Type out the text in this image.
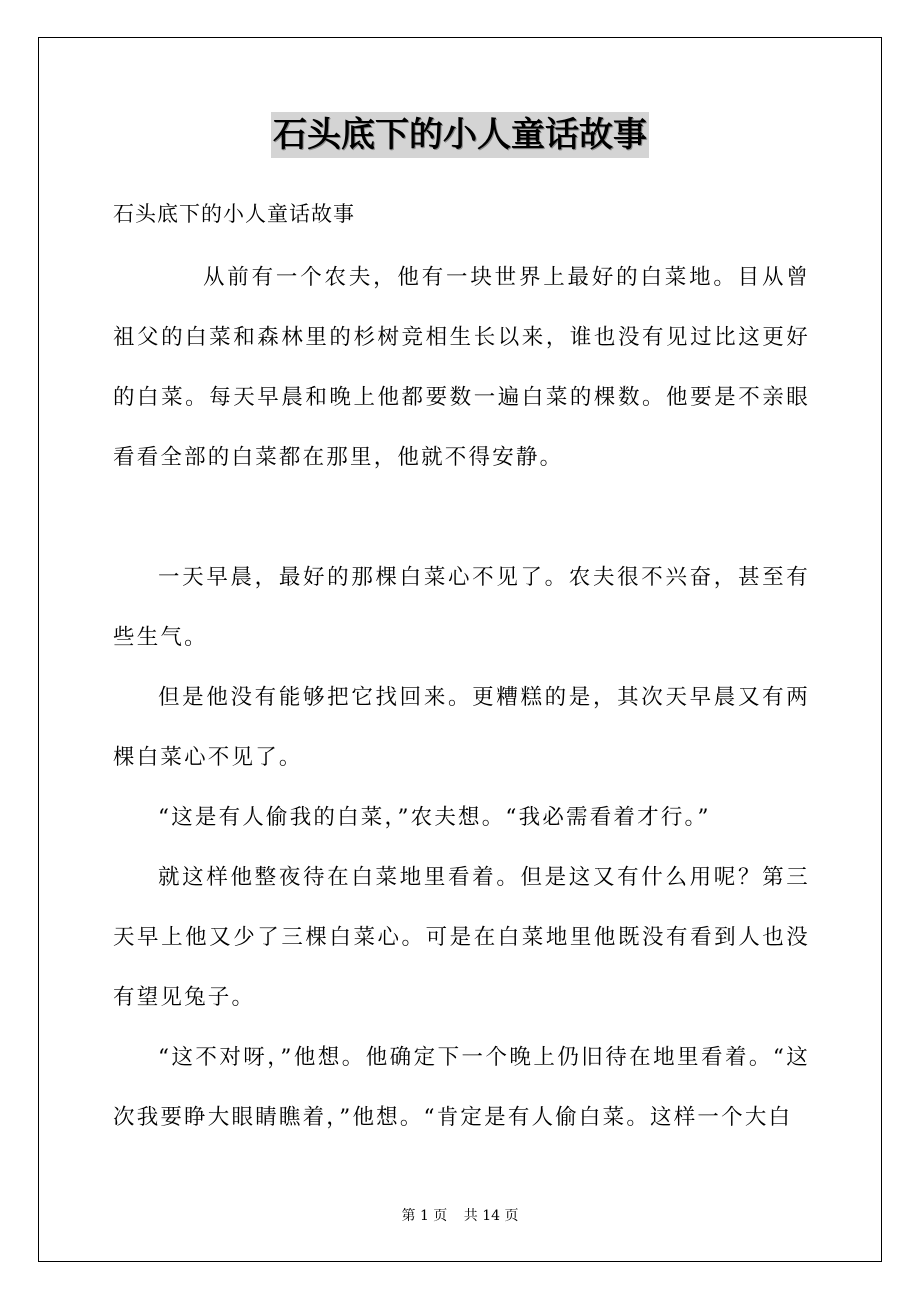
石头底下的小人童话故事
石头底下的小人童话故事

从前有一个农夫，他有一块世界上最好的白菜地。目从曾祖父的白菜和森林里的杉树竞相生长以来，谁也没有见过比这更好的白菜。每天早晨和晚上他都要数一遍白菜的棵数。他要是不亲眼看看全部的白菜都在那里，他就不得安静。

一天早晨，最好的那棵白菜心不见了。农夫很不兴奋，甚至有些生气。

但是他没有能够把它找回来。更糟糕的是，其次天早晨又有两棵白菜心不见了。

“这是有人偷我的白菜，”农夫想。“我必需看着才行。”

就这样他整夜待在白菜地里看着。但是这又有什么用呢？第三天早上他又少了三棵白菜心。可是在白菜地里他既没有看到人也没有望见兔子。

“这不对呀，”他想。他确定下一个晚上仍旧待在地里看着。“这次我要睁大眼睛瞧着，”他想。“肯定是有人偷白菜。这样一个大白

第 1 页 共 14 页
